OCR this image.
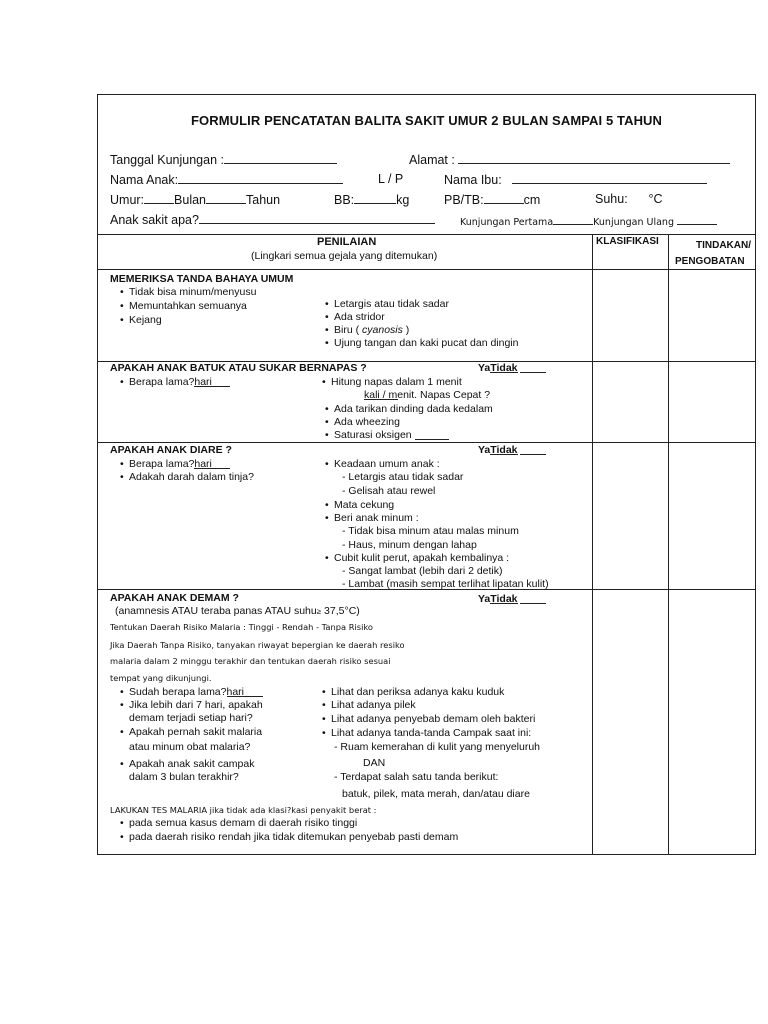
FORMULIR PENCATATAN BALITA SAKIT UMUR 2 BULAN SAMPAI 5 TAHUN
Tanggal Kunjungan :	Alamat :
Nama Anak:	L / P	Nama Ibu:
Umur: Bulan	Tahun	BB:	kg	PB/TB:	cm	Suhu: °C
Anak sakit apa?	Kunjungan Pertama	Kunjungan Ulang
PENILAIAN
(Lingkari semua gejala yang ditemukan)
KLASIFIKASI	TINDAKAN/
PENGOBATAN
MEMERIKSA TANDA BAHAYA UMUM
• Tidak bisa minum/menyusu
• Memuntahkan semuanya
• Kejang
• Letargis atau tidak sadar
• Ada stridor
• Biru ( cyanosis )
• Ujung tangan dan kaki pucat dan dingin
APAKAH ANAK BATUK ATAU SUKAR BERNAPAS ?	Ya
Tidak
• Berapa lama?
hari
•	Hitung napas dalam 1 menit
kali / menit. Napas Cepat ?
• Ada tarikan dinding dada kedalam
• Ada wheezing
• Saturasi oksigen
APAKAH ANAK DIARE ?	Ya
Tidak
• Berapa lama?
hari
• Adakah darah dalam tinja?
• Keadaan umum anak :
- Letargis atau tidak sadar
- Gelisah atau rewel
• Mata cekung
• Beri anak minum :
- Tidak bisa minum atau malas minum
- Haus, minum dengan lahap
• Cubit kulit perut, apakah kembalinya :
- Sangat lambat (lebih dari 2 detik)
- Lambat (masih sempat terlihat lipatan kulit)
APAKAH ANAK DEMAM ?	Ya
Tidak
(anamnesis ATAU teraba panas ATAU suhu≥ 37,5°C)
Tentukan Daerah Risiko Malaria : Tinggi - Rendah - Tanpa Risiko
Jika Daerah Tanpa Risiko, tanyakan riwayat bepergian ke daerah resiko
malaria dalam 2 minggu terakhir dan tentukan daerah risiko sesuai
tempat yang dikunjungi.
• Sudah berapa lama?
hari
• Jika lebih dari 7 hari, apakah
demam terjadi setiap hari?
• Apakah pernah sakit malaria
atau minum obat malaria?
• Apakah anak sakit campak
dalam 3 bulan terakhir?
• Lihat dan periksa adanya kaku kuduk
• Lihat adanya pilek
• Lihat adanya penyebab demam oleh bakteri
• Lihat adanya tanda-tanda Campak saat ini:
- Ruam kemerahan di kulit yang menyeluruh
DAN
- Terdapat salah satu tanda berikut:
batuk, pilek, mata merah, dan/atau diare
LAKUKAN TES MALARIA jika tidak ada klasi?kasi penyakit berat :
• pada semua kasus demam di daerah risiko tinggi
• pada daerah risiko rendah jika tidak ditemukan penyebab pasti demam
